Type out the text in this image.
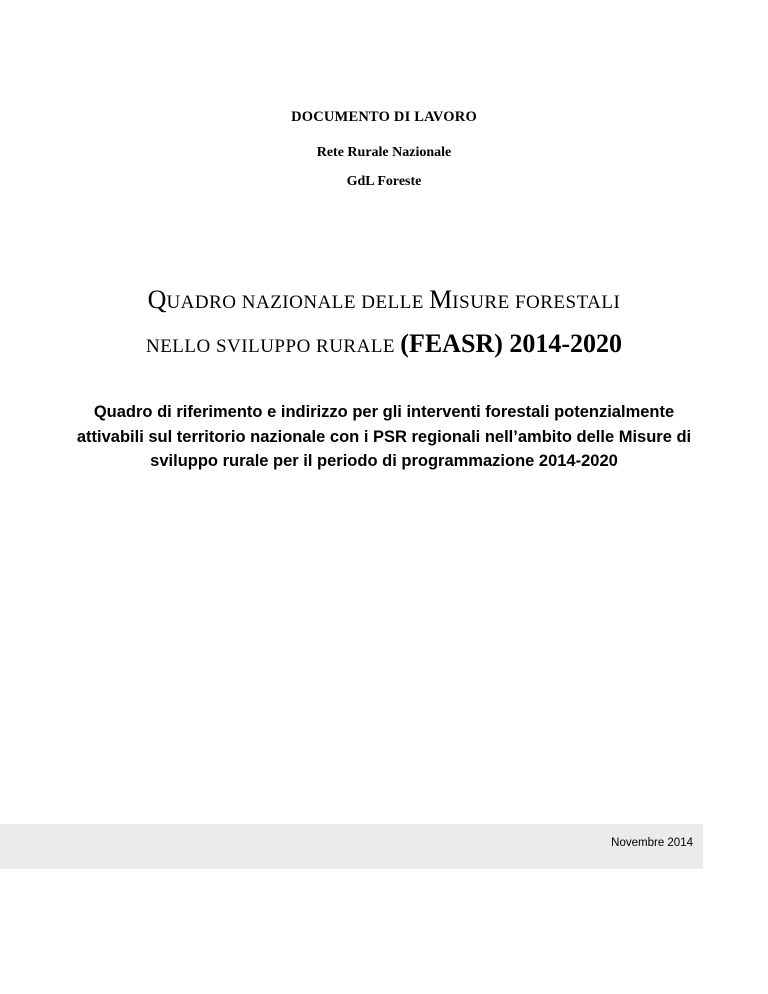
DOCUMENTO DI LAVORO
Rete Rurale Nazionale
GdL Foreste
QUADRO NAZIONALE DELLE MISURE FORESTALI
NELLO SVILUPPO RURALE (FEASR) 2014-2020
Quadro di riferimento e indirizzo per gli interventi forestali potenzialmente attivabili sul territorio nazionale con i PSR regionali nell’ambito delle Misure di sviluppo rurale per il periodo di programmazione 2014-2020
Novembre 2014
